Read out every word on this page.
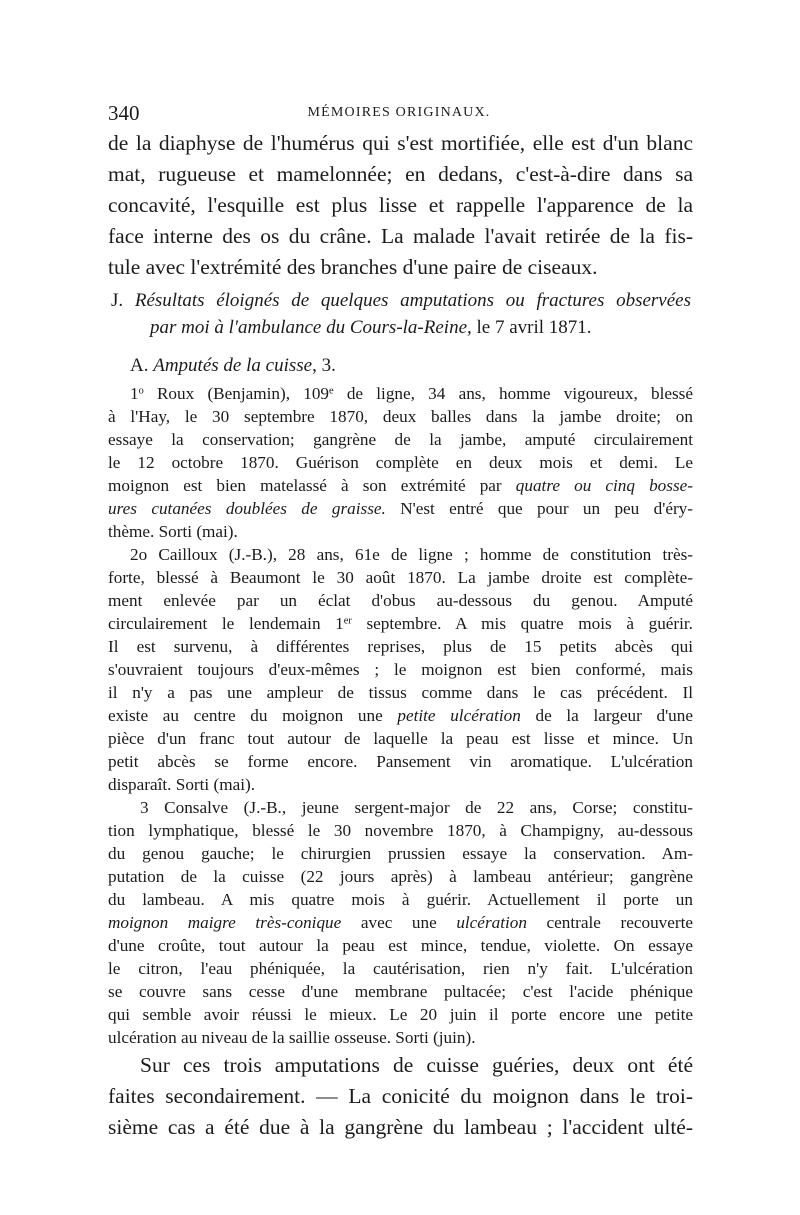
340	MÉMOIRES ORIGINAUX.
de la diaphyse de l'humérus qui s'est mortifiée, elle est d'un blanc
mat, rugueuse et mamelonnée; en dedans, c'est-à-dire dans sa
concavité, l'esquille est plus lisse et rappelle l'apparence de la
face interne des os du crâne. La malade l'avait retirée de la fis-
tule avec l'extrémité des branches d'une paire de ciseaux.
J. Résultats éloignés de quelques amputations ou fractures observées
par moi à l'ambulance du Cours-la-Reine, le 7 avril 1871.
A. Amputés de la cuisse, 3.
1$^o$ Roux (Benjamin), 109e de ligne, 34 ans, homme vigoureux, blessé
à l'Hay, le 30 septembre 1870, deux balles dans la jambe droite; on
essaye la conservation; gangrène de la jambe, amputé circulairement
le 12 octobre 1870. Guérison complète en deux mois et demi. Le
moignon est bien matelassé à son extrémité par quatre ou cinq bosse-
ures cutanées doublées de graisse. N'est entré que pour un peu d'éry-
thème. Sorti (mai).
2o Cailloux (J.-B.), 28 ans, 61e de ligne ; homme de constitution très-
forte, blessé à Beaumont le 30 août 1870. La jambe droite est complète-
ment enlevée par un éclat d'obus au-dessous du genou. Amputé
circulairement le lendemain 1er septembre. A mis quatre mois à guérir.
Il est survenu, à différentes reprises, plus de 15 petits abcès qui
s'ouvraient toujours d'eux-mêmes ; le moignon est bien conformé, mais
il n'y a pas une ampleur de tissus comme dans le cas précédent. Il
existe au centre du moignon une petite ulcération de la largeur d'une
pièce d'un franc tout autour de laquelle la peau est lisse et mince. Un
petit abcès se forme encore. Pansement vin aromatique. L'ulcération
disparaît. Sorti (mai).
3 Consalve (J.-B., jeune sergent-major de 22 ans, Corse; constitu-
tion lymphatique, blessé le 30 novembre 1870, à Champigny, au-dessous
du genou gauche; le chirurgien prussien essaye la conservation. Am-
putation de la cuisse (22 jours après) à lambeau antérieur; gangrène
du lambeau. A mis quatre mois à guérir. Actuellement il porte un
moignon maigre très-conique avec une ulcération centrale recouverte
d'une croûte, tout autour la peau est mince, tendue, violette. On essaye
le citron, l'eau phéniquée, la cautérisation, rien n'y fait. L'ulcération
se couvre sans cesse d'une membrane pultacée; c'est l'acide phénique
qui semble avoir réussi le mieux. Le 20 juin il porte encore une petite
ulcération au niveau de la saillie osseuse. Sorti (juin).
Sur ces trois amputations de cuisse guéries, deux ont été
faites secondairement. — La conicité du moignon dans le troi-
sième cas a été due à la gangrène du lambeau ; l'accident ulté-
